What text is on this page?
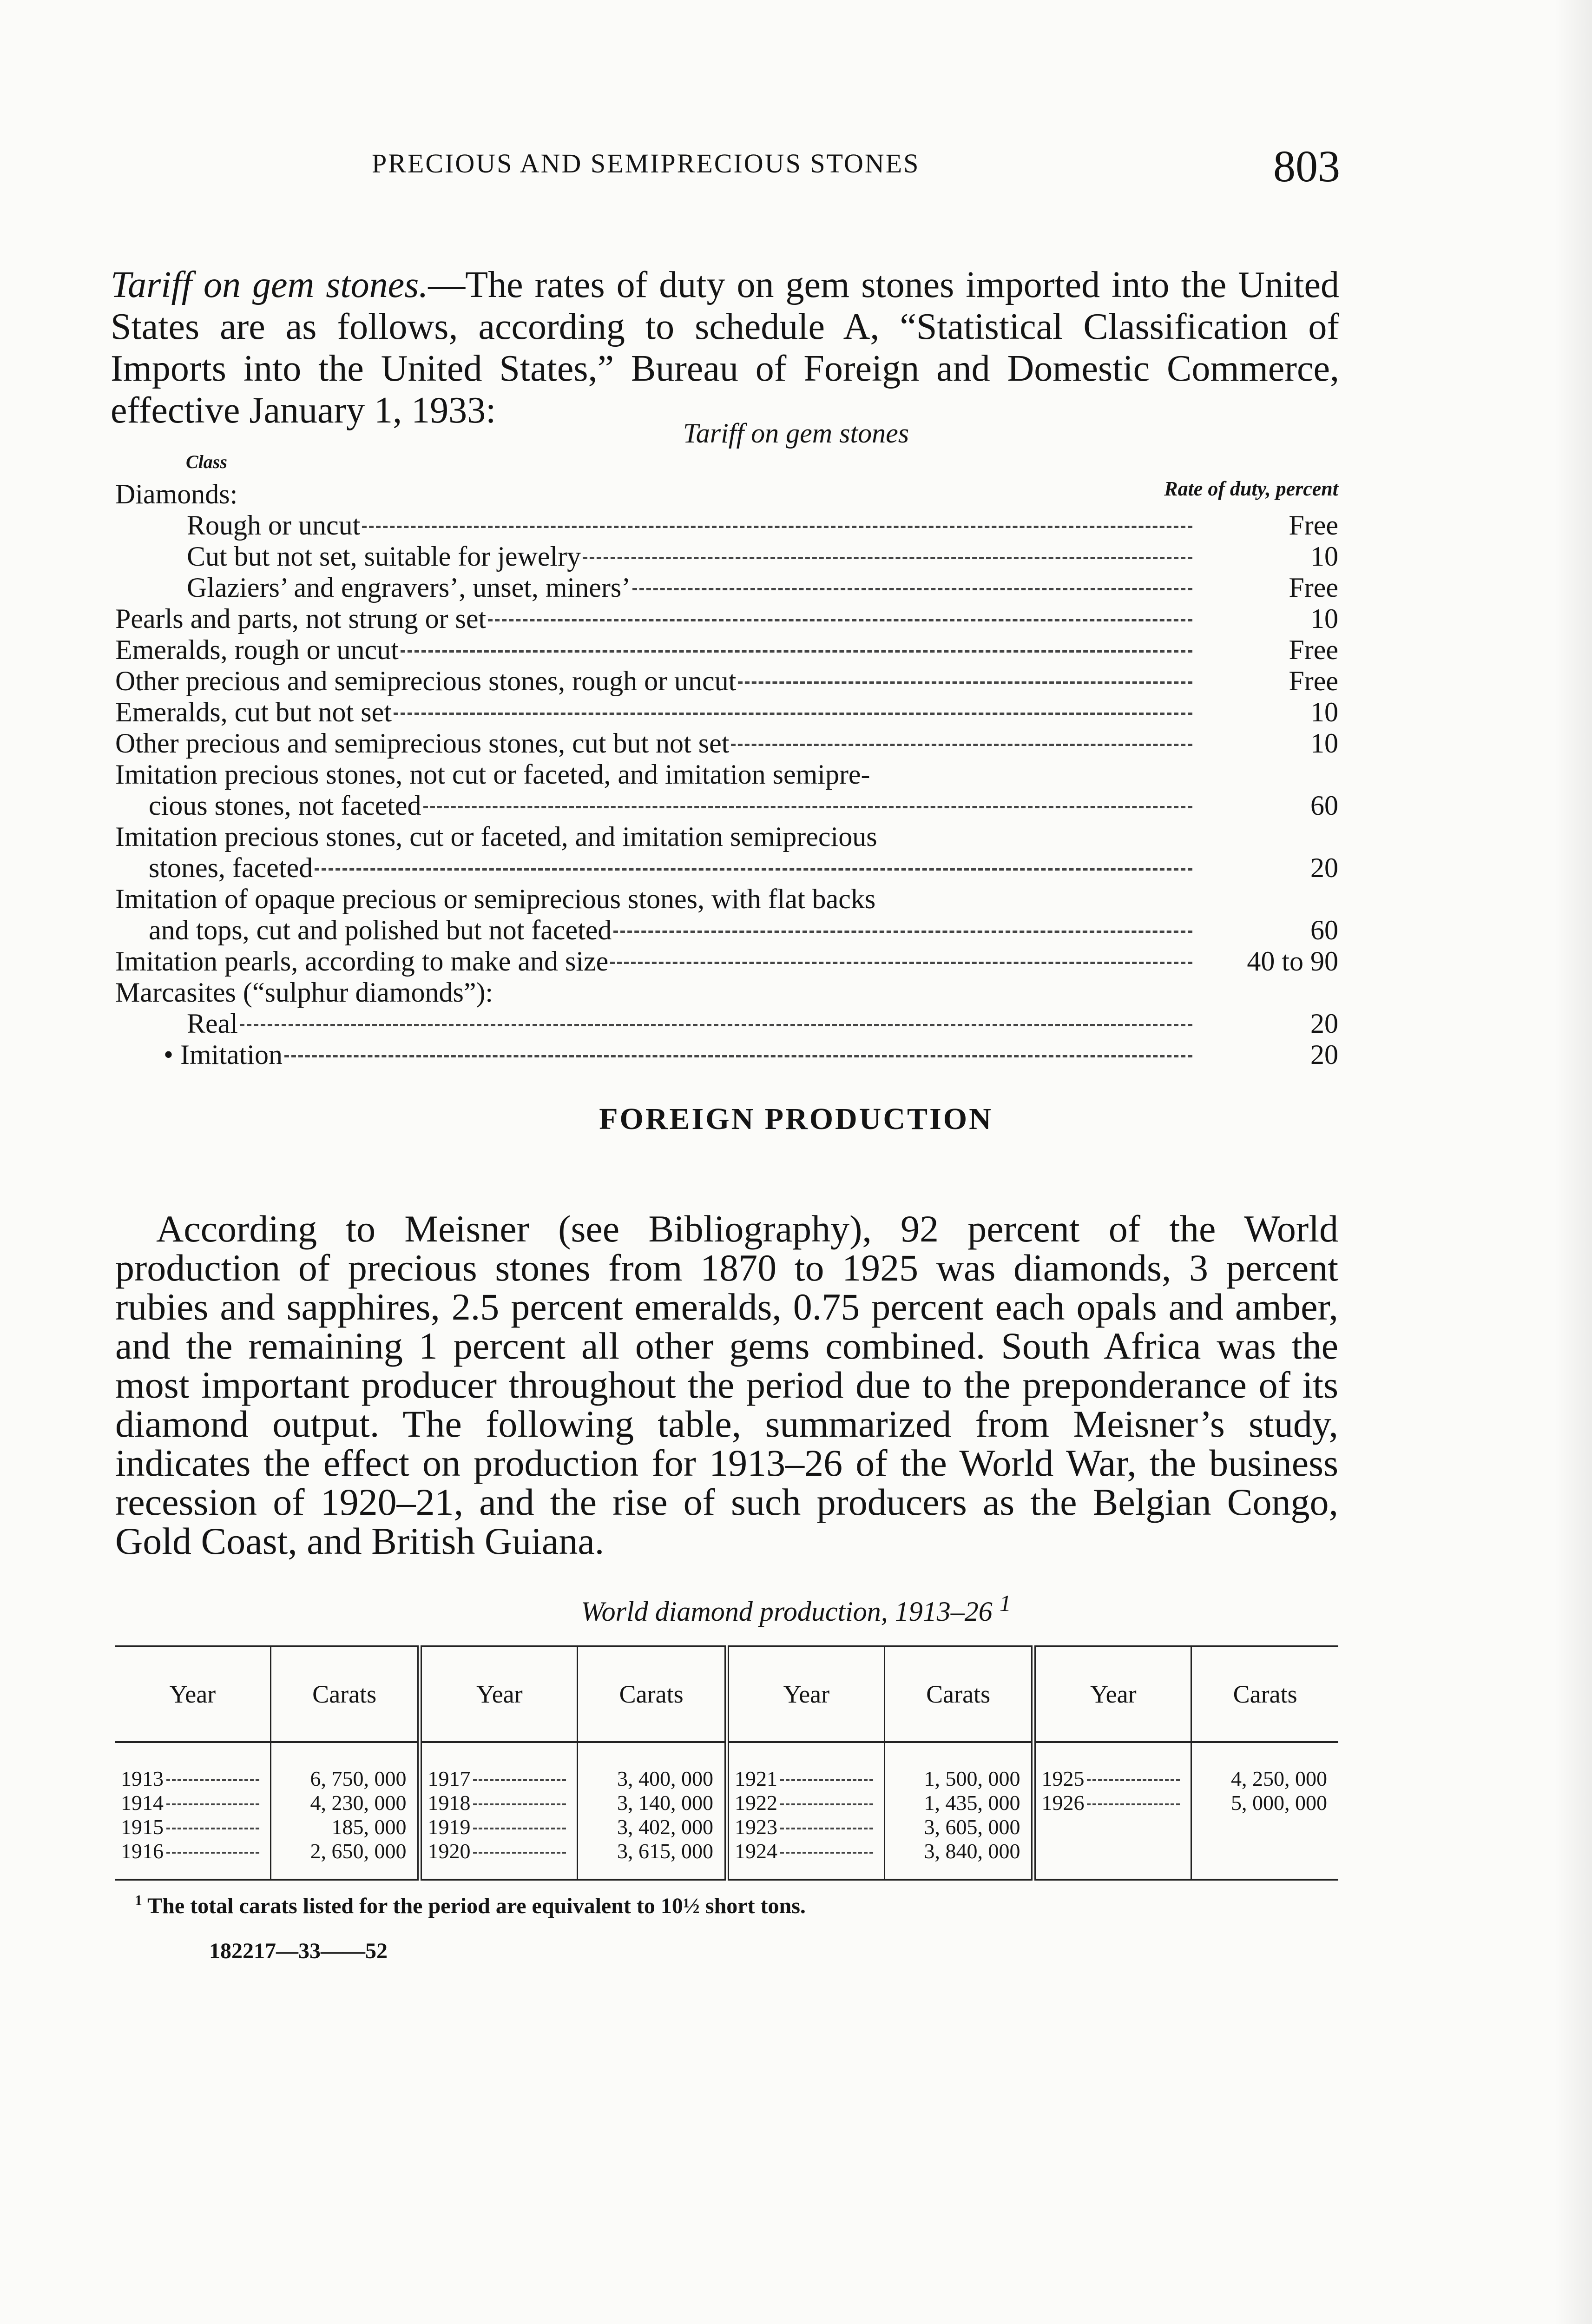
PRECIOUS AND SEMIPRECIOUS STONES	803

Tariff on gem stones.—The rates of duty on gem stones imported into the United States are as follows, according to schedule A, “Statistical Classification of Imports into the United States,” Bureau of Foreign and Domestic Commerce, effective January 1, 1933:

Tariff on gem stones
Class
Rate of duty, percent
Diamonds:
Rough or uncut	Free
Cut but not set, suitable for jewelry	10
Glaziers’ and engravers’, unset, miners’	Free
Pearls and parts, not strung or set	10
Emeralds, rough or uncut	Free
Other precious and semiprecious stones, rough or uncut	Free
Emeralds, cut but not set	10
Other precious and semiprecious stones, cut but not set	10
Imitation precious stones, not cut or faceted, and imitation semipre-
cious stones, not faceted	60
Imitation precious stones, cut or faceted, and imitation semiprecious
stones, faceted	20
Imitation of opaque precious or semiprecious stones, with flat backs
and tops, cut and polished but not faceted	60
Imitation pearls, according to make and size	40 to 90
Marcasites (“sulphur diamonds”):
Real	20
• Imitation	20
FOREIGN PRODUCTION

According to Meisner (see Bibliography), 92 percent of the World production of precious stones from 1870 to 1925 was diamonds, 3 percent rubies and sapphires, 2.5 percent emeralds, 0.75 percent each opals and amber, and the remaining 1 percent all other gems combined. South Africa was the most important producer throughout the period due to the preponderance of its diamond output. The following table, summarized from Meisner’s study, indicates the effect on production for 1913–26 of the World War, the business recession of 1920–21, and the rise of such producers as the Belgian Congo, Gold Coast, and British Guiana.

World diamond production, 1913–26 $^1$
Year	Carats	Year	Carats	Year	Carats	Year	Carats
1913	6, 750, 000	1917	3, 400, 000	1921	1, 500, 000	1925	4, 250, 000
1914	4, 230, 000	1918	3, 140, 000	1922	1, 435, 000	1926	5, 000, 000
1915	185, 000	1919	3, 402, 000	1923	3, 605, 000		
1916	2, 650, 000	1920	3, 615, 000	1924	3, 840, 000		
$^1$ The total carats listed for the period are equivalent to 10½ short tons.
182217—33——52
